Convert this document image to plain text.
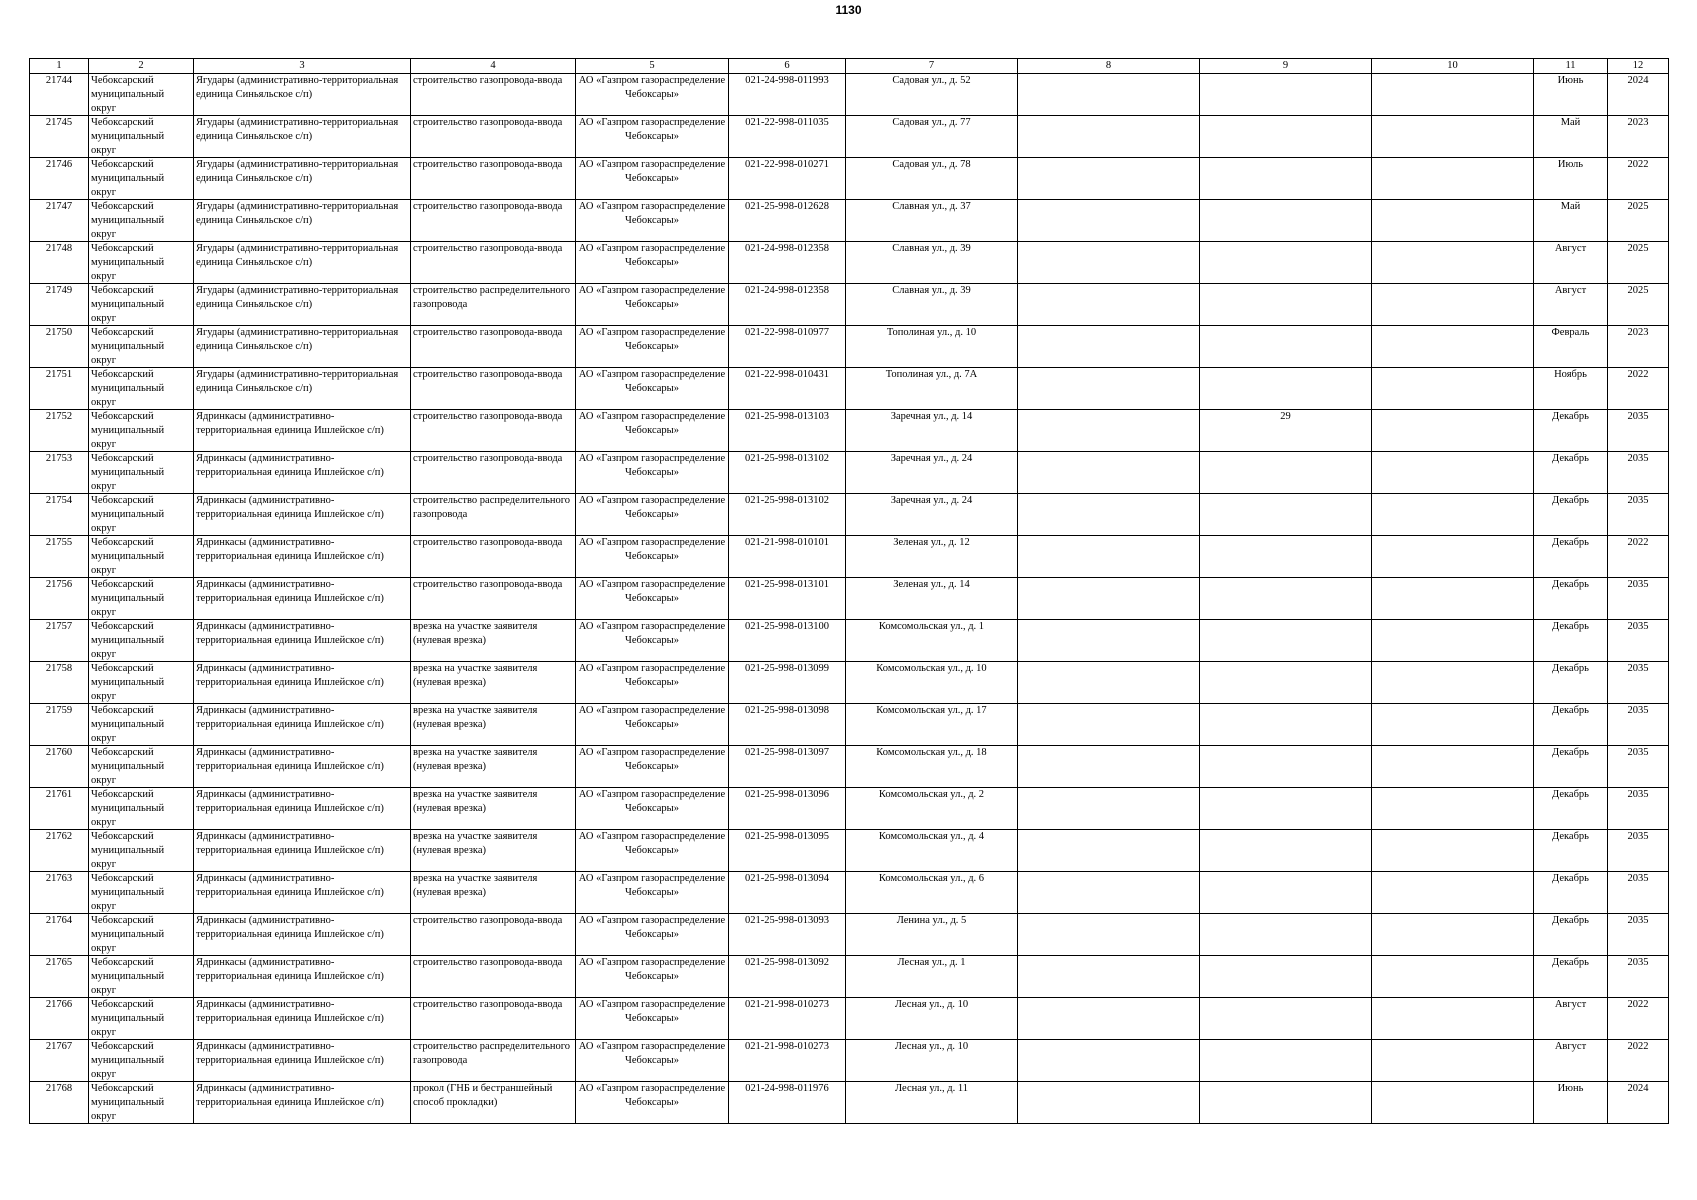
1130
1	2	3	4	5	6	7	8	9	10	11	12

21744	Чебоксарский муниципальный округ	Ягудары (административно-территориальная единица Синьяльское с/п)	строительство газопровода-ввода	АО «Газпром газораспределение Чебоксары»	021-24-998-011993	Садовая ул., д. 52				Июнь	2024

21745	Чебоксарский муниципальный округ	Ягудары (административно-территориальная единица Синьяльское с/п)	строительство газопровода-ввода	АО «Газпром газораспределение Чебоксары»	021-22-998-011035	Садовая ул., д. 77				Май	2023

21746	Чебоксарский муниципальный округ	Ягудары (административно-территориальная единица Синьяльское с/п)	строительство газопровода-ввода	АО «Газпром газораспределение Чебоксары»	021-22-998-010271	Садовая ул., д. 78				Июль	2022

21747	Чебоксарский муниципальный округ	Ягудары (административно-территориальная единица Синьяльское с/п)	строительство газопровода-ввода	АО «Газпром газораспределение Чебоксары»	021-25-998-012628	Славная ул., д. 37				Май	2025

21748	Чебоксарский муниципальный округ	Ягудары (административно-территориальная единица Синьяльское с/п)	строительство газопровода-ввода	АО «Газпром газораспределение Чебоксары»	021-24-998-012358	Славная ул., д. 39				Август	2025

21749	Чебоксарский муниципальный округ	Ягудары (административно-территориальная единица Синьяльское с/п)	строительство распределительного газопровода	АО «Газпром газораспределение Чебоксары»	021-24-998-012358	Славная ул., д. 39				Август	2025

21750	Чебоксарский муниципальный округ	Ягудары (административно-территориальная единица Синьяльское с/п)	строительство газопровода-ввода	АО «Газпром газораспределение Чебоксары»	021-22-998-010977	Тополиная ул., д. 10				Февраль	2023

21751	Чебоксарский муниципальный округ	Ягудары (административно-территориальная единица Синьяльское с/п)	строительство газопровода-ввода	АО «Газпром газораспределение Чебоксары»	021-22-998-010431	Тополиная ул., д. 7А				Ноябрь	2022

21752	Чебоксарский муниципальный округ	Ядринкасы (административно-территориальная единица Ишлейское с/п)	строительство газопровода-ввода	АО «Газпром газораспределение Чебоксары»	021-25-998-013103	Заречная ул., д. 14		29		Декабрь	2035

21753	Чебоксарский муниципальный округ	Ядринкасы (административно-территориальная единица Ишлейское с/п)	строительство газопровода-ввода	АО «Газпром газораспределение Чебоксары»	021-25-998-013102	Заречная ул., д. 24				Декабрь	2035

21754	Чебоксарский муниципальный округ	Ядринкасы (административно-территориальная единица Ишлейское с/п)	строительство распределительного газопровода	АО «Газпром газораспределение Чебоксары»	021-25-998-013102	Заречная ул., д. 24				Декабрь	2035

21755	Чебоксарский муниципальный округ	Ядринкасы (административно-территориальная единица Ишлейское с/п)	строительство газопровода-ввода	АО «Газпром газораспределение Чебоксары»	021-21-998-010101	Зеленая ул., д. 12				Декабрь	2022

21756	Чебоксарский муниципальный округ	Ядринкасы (административно-территориальная единица Ишлейское с/п)	строительство газопровода-ввода	АО «Газпром газораспределение Чебоксары»	021-25-998-013101	Зеленая ул., д. 14				Декабрь	2035

21757	Чебоксарский муниципальный округ	Ядринкасы (административно-территориальная единица Ишлейское с/п)	врезка на участке заявителя (нулевая врезка)	АО «Газпром газораспределение Чебоксары»	021-25-998-013100	Комсомольская ул., д. 1				Декабрь	2035

21758	Чебоксарский муниципальный округ	Ядринкасы (административно-территориальная единица Ишлейское с/п)	врезка на участке заявителя (нулевая врезка)	АО «Газпром газораспределение Чебоксары»	021-25-998-013099	Комсомольская ул., д. 10				Декабрь	2035

21759	Чебоксарский муниципальный округ	Ядринкасы (административно-территориальная единица Ишлейское с/п)	врезка на участке заявителя (нулевая врезка)	АО «Газпром газораспределение Чебоксары»	021-25-998-013098	Комсомольская ул., д. 17				Декабрь	2035

21760	Чебоксарский муниципальный округ	Ядринкасы (административно-территориальная единица Ишлейское с/п)	врезка на участке заявителя (нулевая врезка)	АО «Газпром газораспределение Чебоксары»	021-25-998-013097	Комсомольская ул., д. 18				Декабрь	2035

21761	Чебоксарский муниципальный округ	Ядринкасы (административно-территориальная единица Ишлейское с/п)	врезка на участке заявителя (нулевая врезка)	АО «Газпром газораспределение Чебоксары»	021-25-998-013096	Комсомольская ул., д. 2				Декабрь	2035

21762	Чебоксарский муниципальный округ	Ядринкасы (административно-территориальная единица Ишлейское с/п)	врезка на участке заявителя (нулевая врезка)	АО «Газпром газораспределение Чебоксары»	021-25-998-013095	Комсомольская ул., д. 4				Декабрь	2035

21763	Чебоксарский муниципальный округ	Ядринкасы (административно-территориальная единица Ишлейское с/п)	врезка на участке заявителя (нулевая врезка)	АО «Газпром газораспределение Чебоксары»	021-25-998-013094	Комсомольская ул., д. 6				Декабрь	2035

21764	Чебоксарский муниципальный округ	Ядринкасы (административно-территориальная единица Ишлейское с/п)	строительство газопровода-ввода	АО «Газпром газораспределение Чебоксары»	021-25-998-013093	Ленина ул., д. 5				Декабрь	2035

21765	Чебоксарский муниципальный округ	Ядринкасы (административно-территориальная единица Ишлейское с/п)	строительство газопровода-ввода	АО «Газпром газораспределение Чебоксары»	021-25-998-013092	Лесная ул., д. 1				Декабрь	2035

21766	Чебоксарский муниципальный округ	Ядринкасы (административно-территориальная единица Ишлейское с/п)	строительство газопровода-ввода	АО «Газпром газораспределение Чебоксары»	021-21-998-010273	Лесная ул., д. 10				Август	2022

21767	Чебоксарский муниципальный округ	Ядринкасы (административно-территориальная единица Ишлейское с/п)	строительство распределительного газопровода	АО «Газпром газораспределение Чебоксары»	021-21-998-010273	Лесная ул., д. 10				Август	2022

21768	Чебоксарский муниципальный округ	Ядринкасы (административно-территориальная единица Ишлейское с/п)	прокол (ГНБ и бестраншейный способ прокладки)	АО «Газпром газораспределение Чебоксары»	021-24-998-011976	Лесная ул., д. 11				Июнь	2024
